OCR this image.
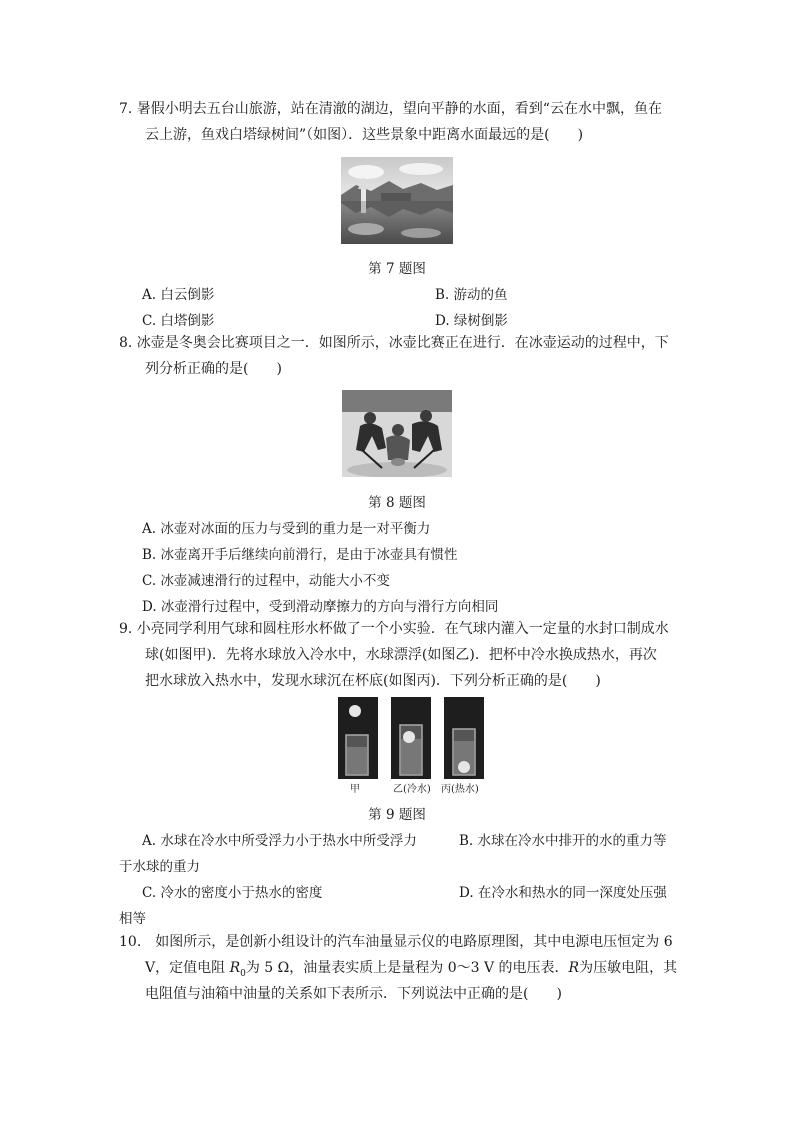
7. 暑假小明去五台山旅游，站在清澈的湖边，望向平静的水面，看到“云在水中飘，鱼在
云上游，鱼戏白塔绿树间”（如图）．这些景象中距离水面最远的是(　　)
第 7 题图
A. 白云倒影	B. 游动的鱼
C. 白塔倒影	D. 绿树倒影
8. 冰壶是冬奥会比赛项目之一．如图所示，冰壶比赛正在进行．在冰壶运动的过程中，下
列分析正确的是(　　)
第 8 题图
A. 冰壶对冰面的压力与受到的重力是一对平衡力
B. 冰壶离开手后继续向前滑行，是由于冰壶具有惯性
C. 冰壶减速滑行的过程中，动能大小不变
D. 冰壶滑行过程中，受到滑动摩擦力的方向与滑行方向相同
9. 小亮同学利用气球和圆柱形水杯做了一个小实验．在气球内灌入一定量的水封口制成水
球(如图甲)．先将水球放入冷水中，水球漂浮(如图乙)．把杯中冷水换成热水，再次
把水球放入热水中，发现水球沉在杯底(如图丙)．下列分析正确的是(　　)
甲	乙(冷水) 丙(热水)
第 9 题图
A. 水球在冷水中所受浮力小于热水中所受浮力	B. 水球在冷水中排开的水的重力等
于水球的重力
C. 冷水的密度小于热水的密度	D. 在冷水和热水的同一深度处压强
相等
10.　如图所示，是创新小组设计的汽车油量显示仪的电路原理图，其中电源电压恒定为 6
V，定值电阻 $R_0$为 5 Ω，油量表实质上是量程为 0～3 V 的电压表．R为压敏电阻，其
电阻值与油箱中油量的关系如下表所示．下列说法中正确的是(　　)
